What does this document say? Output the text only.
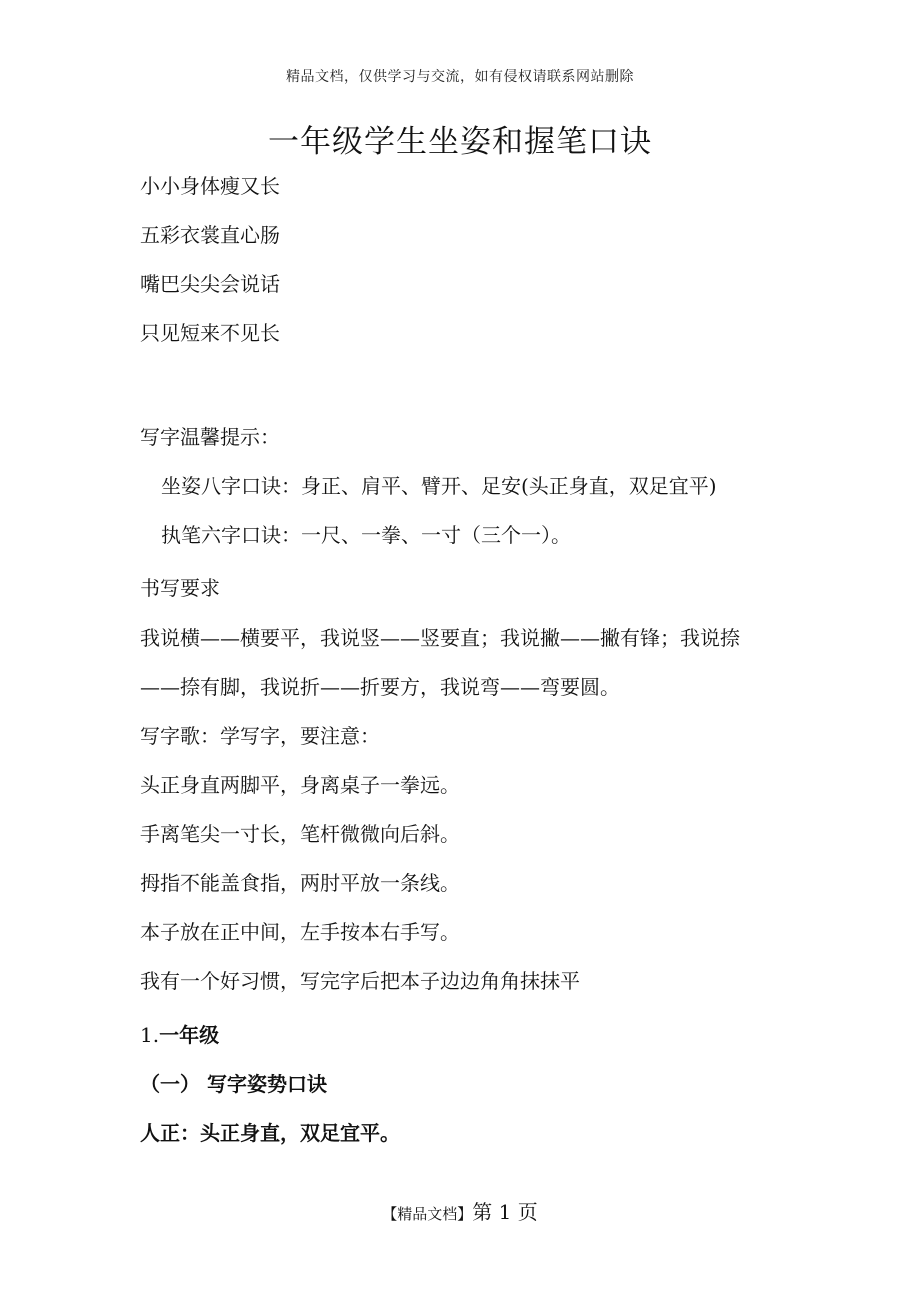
精品文档，仅供学习与交流，如有侵权请联系网站删除
一年级学生坐姿和握笔口诀
小小身体瘦又长
五彩衣裳直心肠
嘴巴尖尖会说话
只见短来不见长
写字温馨提示：
坐姿八字口诀：身正、肩平、臂开、足安(头正身直，双足宜平)
执笔六字口诀：一尺、一拳、一寸（三个一）。
书写要求
我说横——横要平，我说竖——竖要直；我说撇——撇有锋；我说捺
——捺有脚，我说折——折要方，我说弯——弯要圆。
写字歌：学写字，要注意：
头正身直两脚平，身离桌子一拳远。
手离笔尖一寸长，笔杆微微向后斜。
拇指不能盖食指，两肘平放一条线。
本子放在正中间，左手按本右手写。
我有一个好习惯，写完字后把本子边边角角抹抹平
1.一年级
（一） 写字姿势口诀
人正：头正身直，双足宜平。
【精品文档】第 1 页
